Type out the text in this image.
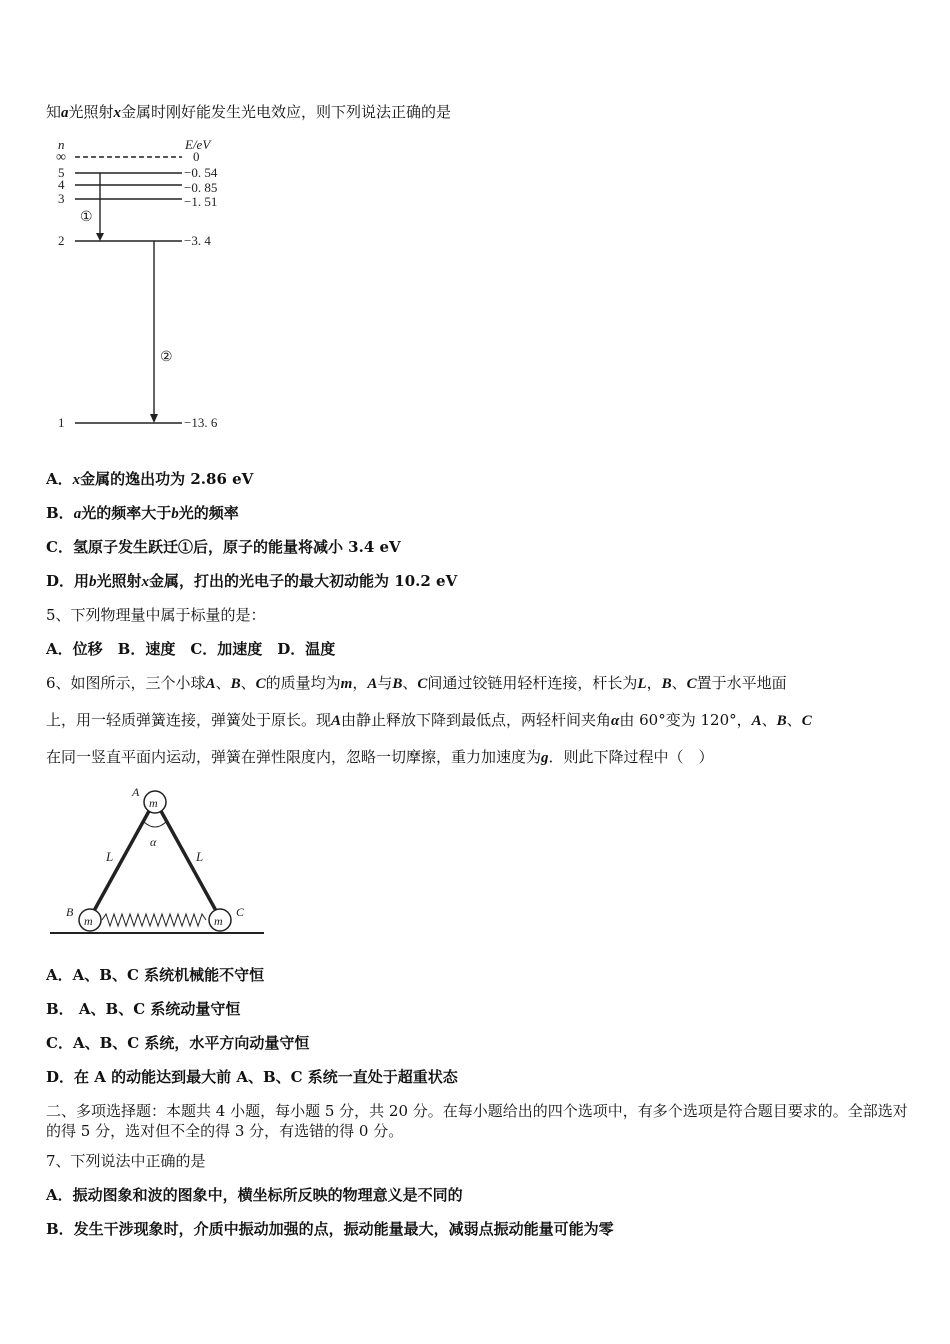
知a光照射x金属时刚好能发生光电效应，则下列说法正确的是
n	E/eV
∞	0
5	−0. 54
4	−0. 85
3	−1. 51
①
2	−3. 4
②
1	−13. 6
A．x金属的逸出功为 2.86 eV
B．a光的频率大于b光的频率
C．氢原子发生跃迁①后，原子的能量将减小 3.4 eV
D．用b光照射x金属，打出的光电子的最大初动能为 10.2 eV
5、下列物理量中属于标量的是：
A．位移　B．速度　C．加速度　D．温度
6、如图所示，三个小球A、B、C的质量均为m，A与B、C间通过铰链用轻杆连接，杆长为L，B、C置于水平地面
上，用一轻质弹簧连接，弹簧处于原长。现A由静止释放下降到最低点，两轻杆间夹角α由 60°变为 120°，A、B、C
在同一竖直平面内运动，弹簧在弹性限度内，忽略一切摩擦，重力加速度为g．则此下降过程中（　）
α
L	L
m
A
m
B
m
C
A．A、B、C 系统机械能不守恒
B． A、B、C 系统动量守恒
C．A、B、C 系统，水平方向动量守恒
D．在 A 的动能达到最大前 A、B、C 系统一直处于超重状态
二、多项选择题：本题共 4 小题，每小题 5 分，共 20 分。在每小题给出的四个选项中，有多个选项是符合题目要求的。全部选对的得 5 分，选对但不全的得 3 分，有选错的得 0 分。
7、下列说法中正确的是
A．振动图象和波的图象中，横坐标所反映的物理意义是不同的
B．发生干涉现象时，介质中振动加强的点，振动能量最大，减弱点振动能量可能为零
